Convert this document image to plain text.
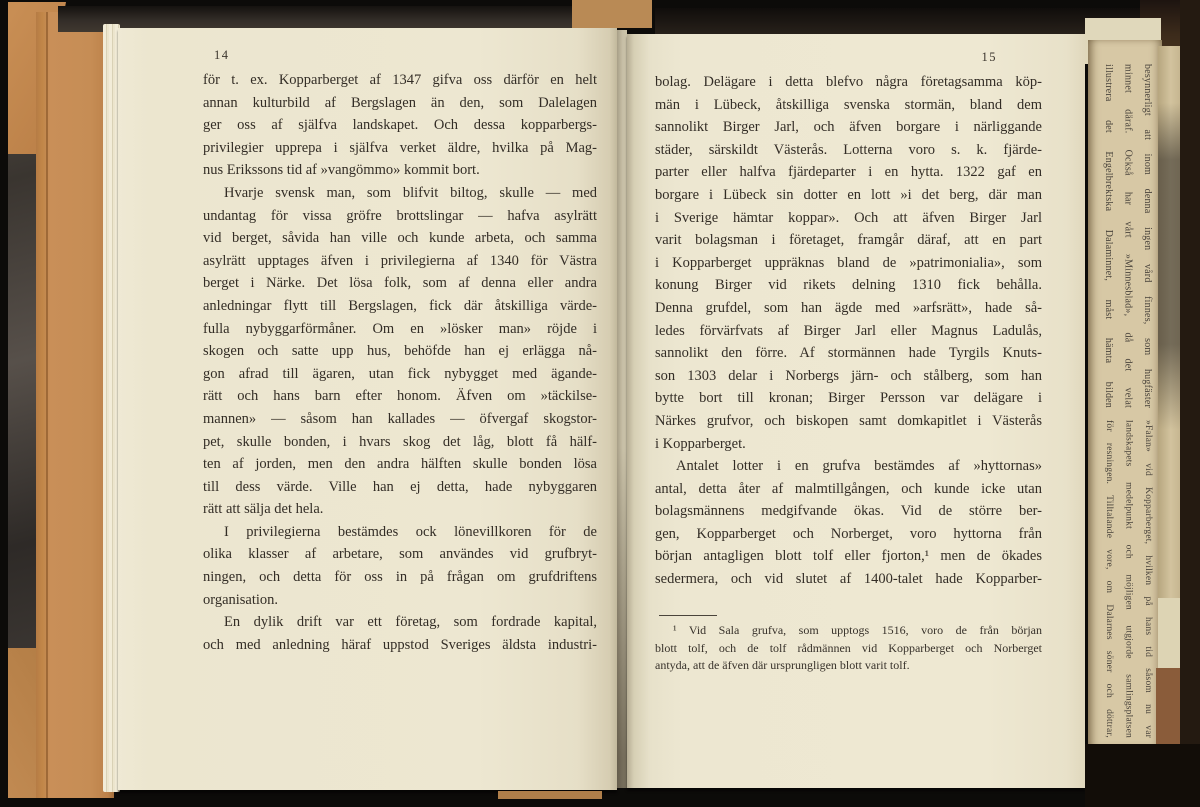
14
för t. ex. Kopparberget af 1347 gifva oss därför en helt
annan kulturbild af Bergslagen än den, som Dalelagen
ger oss af själfva landskapet. Och dessa kopparbergs-
privilegier upprepa i själfva verket äldre, hvilka på Mag-
nus Erikssons tid af »vangömmo» kommit bort.
Hvarje svensk man, som blifvit biltog, skulle — med
undantag för vissa gröfre brottslingar — hafva asylrätt
vid berget, såvida han ville och kunde arbeta, och samma
asylrätt upptages äfven i privilegierna af 1340 för Västra
berget i Närke. Det lösa folk, som af denna eller andra
anledningar flytt till Bergslagen, fick där åtskilliga värde-
fulla nybyggarförmåner. Om en »lösker man» röjde i
skogen och satte upp hus, behöfde han ej erlägga nå-
gon afrad till ägaren, utan fick nybygget med ägande-
rätt och hans barn efter honom. Äfven om »täckilse-
mannen» — såsom han kallades — öfvergaf skogstor-
pet, skulle bonden, i hvars skog det låg, blott få hälf-
ten af jorden, men den andra hälften skulle bonden lösa
till dess värde. Ville han ej detta, hade nybyggaren
rätt att sälja det hela.
I privilegierna bestämdes ock lönevillkoren för de
olika klasser af arbetare, som användes vid grufbryt-
ningen, och detta för oss in på frågan om grufdriftens
organisation.
En dylik drift var ett företag, som fordrade kapital,
och med anledning häraf uppstod Sveriges äldsta industri-
15
bolag. Delägare i detta blefvo några företagsamma köp-
män i Lübeck, åtskilliga svenska stormän, bland dem
sannolikt Birger Jarl, och äfven borgare i närliggande
städer, särskildt Västerås. Lotterna voro s. k. fjärde-
parter eller halfva fjärdeparter i en hytta. 1322 gaf en
borgare i Lübeck sin dotter en lott »i det berg, där man
i Sverige hämtar koppar». Och att äfven Birger Jarl
varit bolagsman i företaget, framgår däraf, att en part
i Kopparberget uppräknas bland de »patrimonialia», som
konung Birger vid rikets delning 1310 fick behålla.
Denna grufdel, som han ägde med »arfsrätt», hade så-
ledes förvärfvats af Birger Jarl eller Magnus Ladulås,
sannolikt den förre. Af stormännen hade Tyrgils Knuts-
son 1303 delar i Norbergs järn- och stålberg, som han
bytte bort till kronan; Birger Persson var delägare i
Närkes grufvor, och biskopen samt domkapitlet i Västerås
i Kopparberget.
Antalet lotter i en grufva bestämdes af »hyttornas»
antal, detta åter af malmtillgången, och kunde icke utan
bolagsmännens medgifvande ökas. Vid de större ber-
gen, Kopparberget och Norberget, voro hyttorna från
början antagligen blott tolf eller fjorton,¹ men de ökades
sedermera, och vid slutet af 1400-talet hade Kopparber-
¹ Vid Sala grufva, som upptogs 1516, voro de från början
blott tolf, och de tolf rådmännen vid Kopparberget och Norberget
antyda, att de äfven där ursprungligen blott varit tolf.
besynnerligt att inom denna ingen vård finnes, som hugfäster
minnet däraf. Också har vårt »Minnesblad», då det velat
illustrera det Engelbrektska Dalaminnet, måst hämta bilden
»Falan» vid Kopparberget, hvilken på hans tid såsom nu var
landskapets medelpunkt och möjligen utgjorde samlingsplatsen
för resningen. Tilltalande vore, om Dalarnes söner och döttrar,
